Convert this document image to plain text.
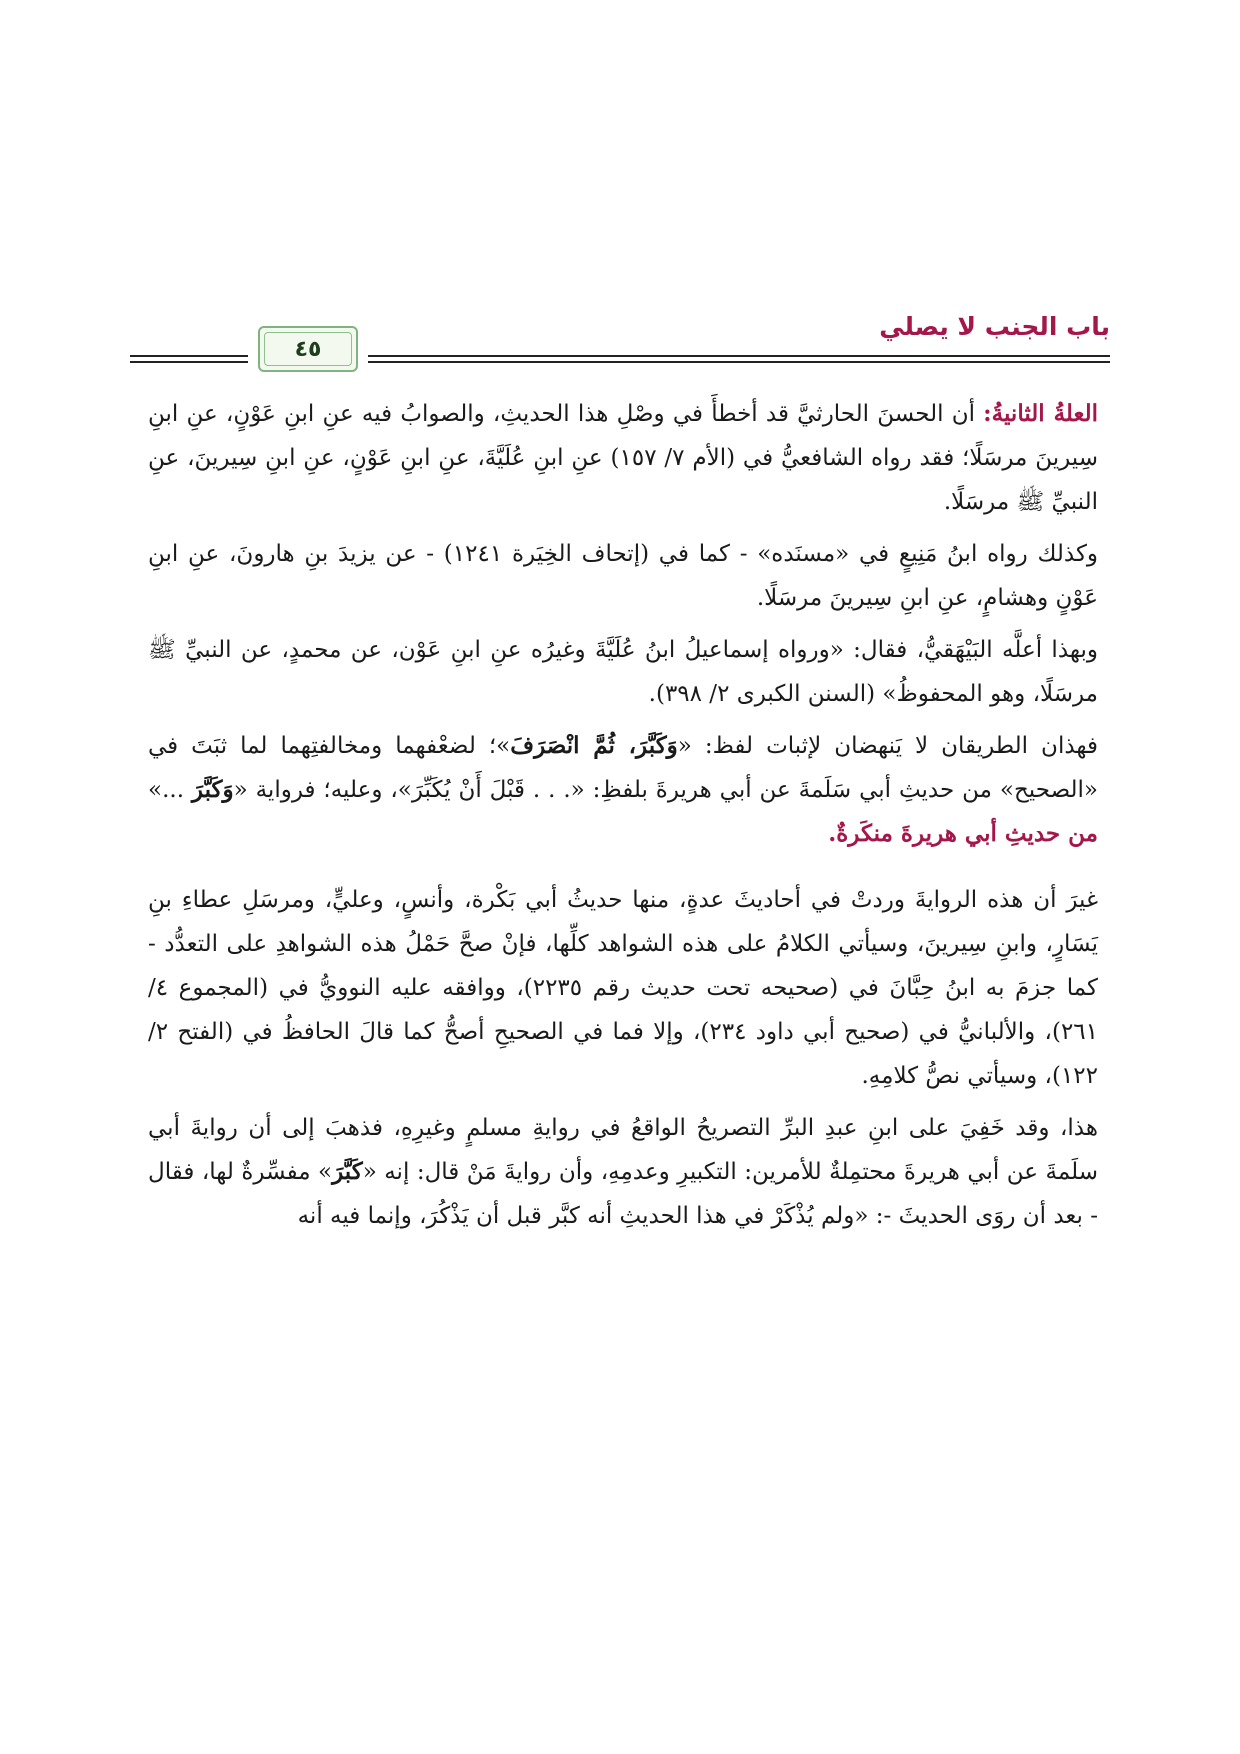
باب الجنب لا يصلي
٤٥

العلةُ الثانيةُ: أن الحسنَ الحارثيَّ قد أخطأَ في وصْلِ هذا الحديثِ، والصوابُ فيه عنِ ابنِ عَوْنٍ، عنِ ابنِ سِيرينَ مرسَلًا؛ فقد رواه الشافعيُّ في (الأم ٧/ ١٥٧) عنِ ابنِ عُلَيَّةَ، عنِ ابنِ عَوْنٍ، عنِ ابنِ سِيرينَ، عنِ النبيِّ ﷺ مرسَلًا.

وكذلك رواه ابنُ مَنِيعٍ في «مسنَده» - كما في (إتحاف الخِيَرة ١٢٤١) - عن يزيدَ بنِ هارونَ، عنِ ابنِ عَوْنٍ وهشامٍ، عنِ ابنِ سِيرينَ مرسَلًا.

وبهذا أعلَّه البَيْهَقيُّ، فقال: «ورواه إسماعيلُ ابنُ عُلَيَّةَ وغيرُه عنِ ابنِ عَوْن، عن محمدٍ، عن النبيِّ ﷺ مرسَلًا، وهو المحفوظُ» (السنن الكبرى ٢/ ٣٩٨).

فهذان الطريقان لا يَنهضان لإثبات لفظ: «وَكَبَّرَ، ثُمَّ انْصَرَفَ»؛ لضعْفهما ومخالفتِهما لما ثبَتَ في «الصحيح» من حديثِ أبي سَلَمةَ عن أبي هريرةَ بلفظِ: «. . . قَبْلَ أَنْ يُكَبِّرَ»، وعليه؛ فرواية «وَكَبَّرَ ...» من حديثِ أبي هريرةَ منكَرةٌ.

غيرَ أن هذه الروايةَ وردتْ في أحاديثَ عدةٍ، منها حديثُ أبي بَكْرة، وأنسٍ، وعليٍّ، ومرسَلِ عطاءِ بنِ يَسَارٍ، وابنِ سِيرينَ، وسيأتي الكلامُ على هذه الشواهد كلِّها، فإنْ صحَّ حَمْلُ هذه الشواهدِ على التعدُّد - كما جزمَ به ابنُ حِبَّانَ في (صحيحه تحت حديث رقم ٢٢٣٥)، ووافقه عليه النوويُّ في (المجموع ٤/ ٢٦١)، والألبانيُّ في (صحيح أبي داود ٢٣٤)، وإلا فما في الصحيحِ أصحُّ كما قالَ الحافظُ في (الفتح ٢/ ١٢٢)، وسيأتي نصُّ كلامِهِ.

هذا، وقد خَفِيَ على ابنِ عبدِ البرِّ التصريحُ الواقعُ في روايةِ مسلمٍ وغيرِهِ، فذهبَ إلى أن روايةَ أبي سلَمةَ عن أبي هريرةَ محتمِلةٌ للأمرين: التكبيرِ وعدمِهِ، وأن روايةَ مَنْ قال: إنه «كَبَّرَ» مفسِّرةٌ لها، فقال - بعد أن روَى الحديثَ -: «ولم يُذْكَرْ في هذا الحديثِ أنه كبَّر قبل أن يَذْكُرَ، وإنما فيه أنه
